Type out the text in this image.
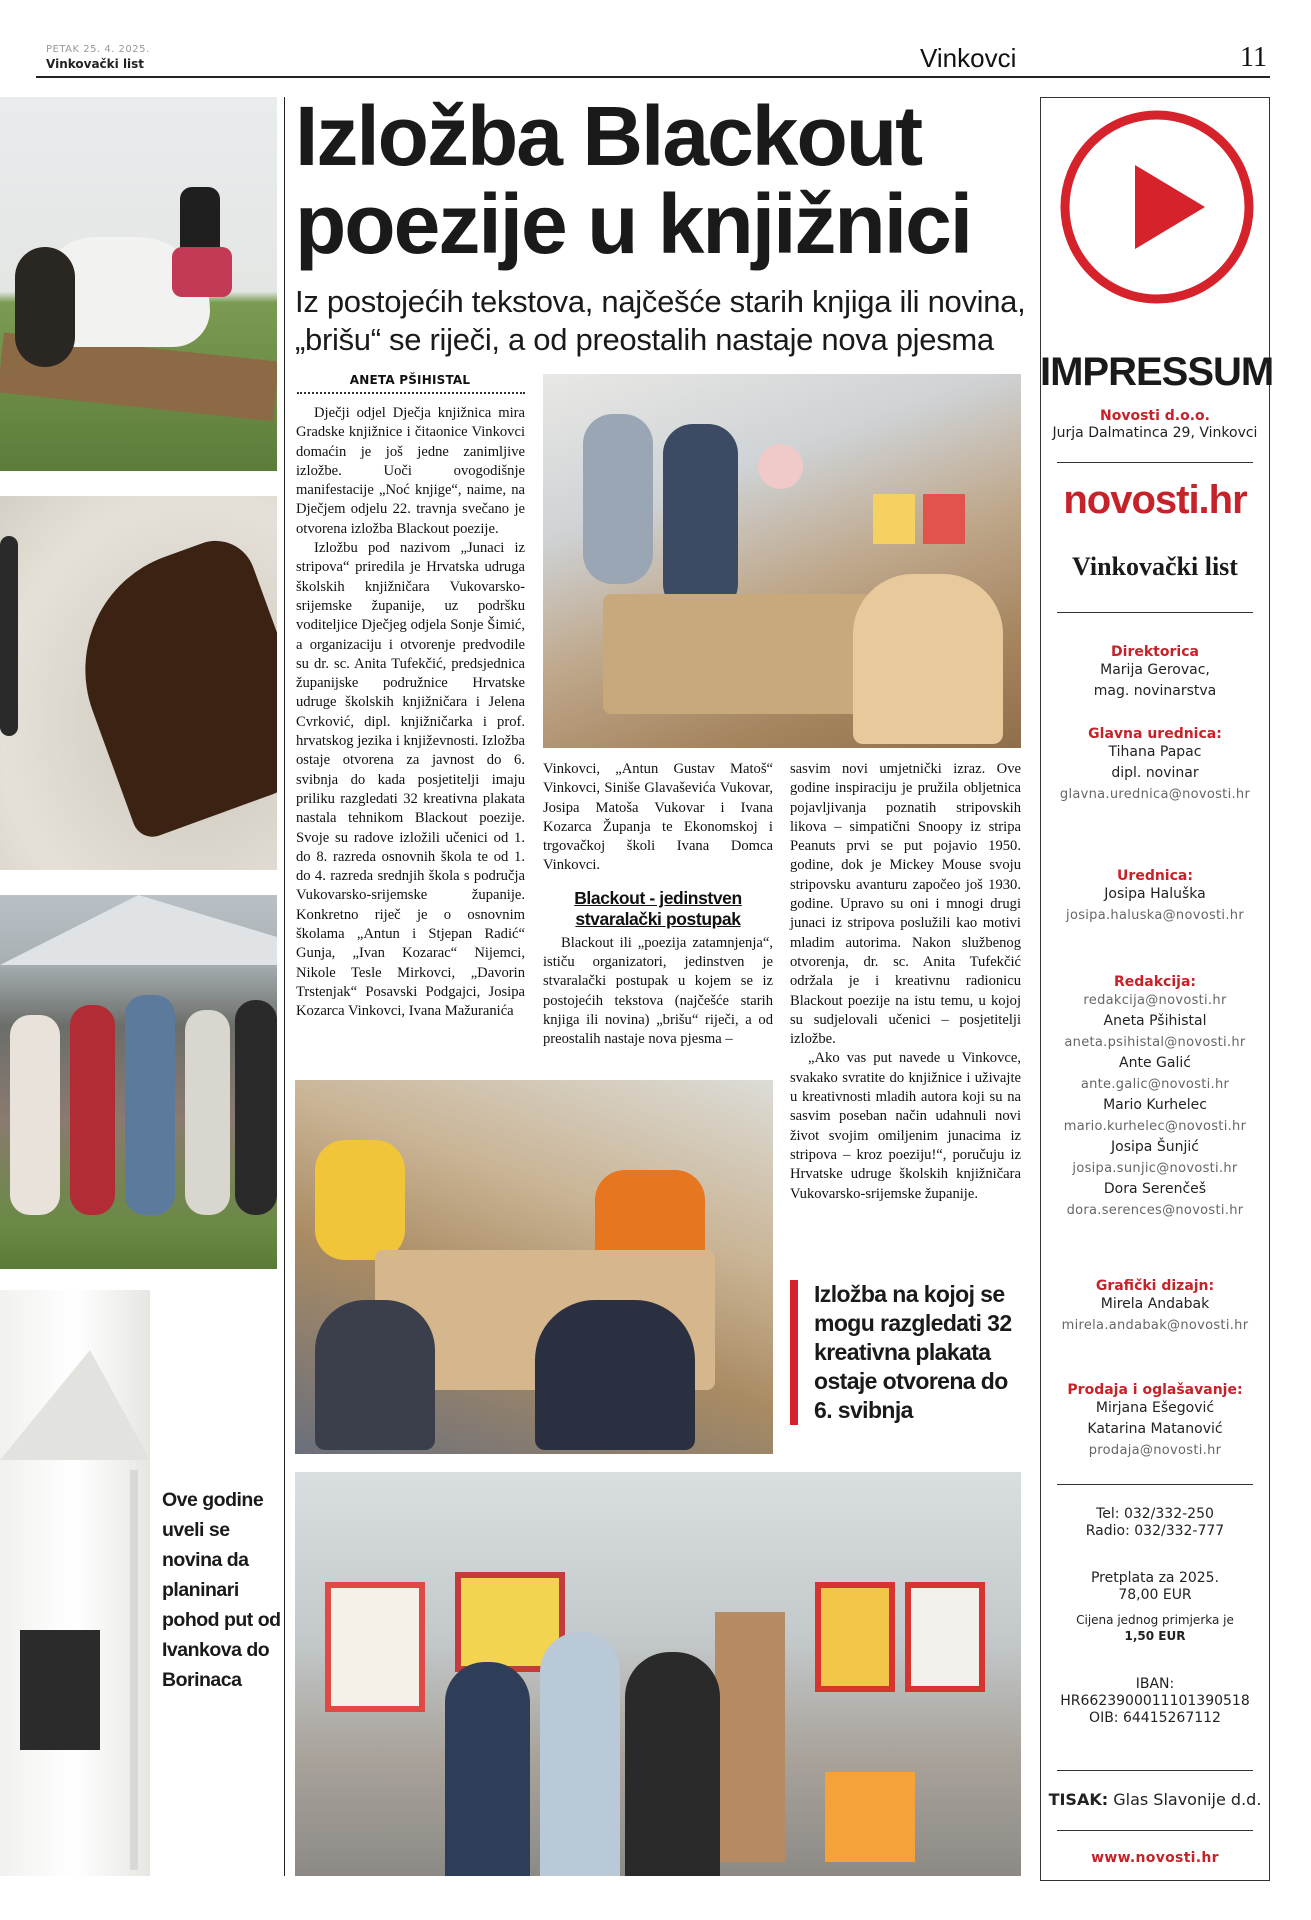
PETAK 25. 4. 2025.
Vinkovački list	Vinkovci	11
Ove godine uveli se novina da planinari pohod put od Ivankova do Borinaca
Izložba Blackout
poezije u knjižnici
Iz postojećih tekstova, najčešće starih knjiga ili novina, „brišu“ se riječi, a od preostalih nastaje nova pjesma
ANETA PŠIHISTAL

Dječji odjel Dječja knjižnica mira Gradske knjižnice i čitaonice Vinkovci domaćin je još jedne zanimljive izložbe. Uoči ovogodišnje manifestacije „Noć knjige“, naime, na Dječjem odjelu 22. travnja svečano je otvorena izložba Blackout poezije.

Izložbu pod nazivom „Junaci iz stripova“ priredila je Hrvatska udruga školskih knjižničara Vukovarsko-srijemske županije, uz podršku voditeljice Dječjeg odjela Sonje Šimić, a organizaciju i otvorenje predvodile su dr. sc. Anita Tufekčić, predsjednica županijske podružnice Hrvatske udruge školskih knjižničara i Jelena Cvrković, dipl. knjižničarka i prof. hrvatskog jezika i književnosti. Izložba ostaje otvorena za javnost do 6. svibnja do kada posjetitelji imaju priliku razgledati 32 kreativna plakata nastala tehnikom Blackout poezije. Svoje su radove izložili učenici od 1. do 8. razreda osnovnih škola te od 1. do 4. razreda srednjih škola s područja Vukovarsko-srijemske županije. Konkretno riječ je o osnovnim školama „Antun i Stjepan Radić“ Gunja, „Ivan Kozarac“ Nijemci, Nikole Tesle Mirkovci, „Davorin Trstenjak“ Posavski Podgajci, Josipa Kozarca Vinkovci, Ivana Mažuranića

Vinkovci, „Antun Gustav Matoš“ Vinkovci, Siniše Glavaševića Vukovar, Josipa Matoša Vukovar i Ivana Kozarca Županja te Ekonomskoj i trgovačkoj školi Ivana Domca Vinkovci.

Blackout - jedinstven stvaralački postupak

Blackout ili „poezija zatamnjenja“, ističu organizatori, jedinstven je stvaralački postupak u kojem se iz postojećih tekstova (najčešće starih knjiga ili novina) „brišu“ riječi, a od preostalih nastaje nova pjesma –

sasvim novi umjetnički izraz. Ove godine inspiraciju je pružila obljetnica pojavljivanja poznatih stripovskih likova – simpatični Snoopy iz stripa Peanuts prvi se put pojavio 1950. godine, dok je Mickey Mouse svoju stripovsku avanturu započeo još 1930. godine. Upravo su oni i mnogi drugi junaci iz stripova poslužili kao motivi mladim autorima. Nakon službenog otvorenja, dr. sc. Anita Tufekčić održala je i kreativnu radionicu Blackout poezije na istu temu, u kojoj su sudjelovali učenici – posjetitelji izložbe.

„Ako vas put navede u Vinkovce, svakako svratite do knjižnice i uživajte u kreativnosti mladih autora koji su na sasvim poseban način udahnuli novi život svojim omiljenim junacima iz stripova – kroz poeziju!“, poručuju iz Hrvatske udruge školskih knjižničara Vukovarsko-srijemske županije.

Izložba na kojoj se mogu razgledati 32 kreativna plakata ostaje otvorena do 6. svibnja
IMPRESSUM
Novosti d.o.o.
Jurja Dalmatinca 29, Vinkovci
novosti.hr
Vinkovački list
Direktorica
Marija Gerovac,
mag. novinarstva
Glavna urednica:
Tihana Papac
dipl. novinar
glavna.urednica@novosti.hr
Urednica:
Josipa Haluška
josipa.haluska@novosti.hr
Redakcija:
redakcija@novosti.hr
Aneta Pšihistal
aneta.psihistal@novosti.hr
Ante Galić
ante.galic@novosti.hr
Mario Kurhelec
mario.kurhelec@novosti.hr
Josipa Šunjić
josipa.sunjic@novosti.hr
Dora Serenčeš
dora.serences@novosti.hr
Grafički dizajn:
Mirela Andabak
mirela.andabak@novosti.hr
Prodaja i oglašavanje:
Mirjana Ešegović
Katarina Matanović
prodaja@novosti.hr
Tel: 032/332-250
Radio: 032/332-777
Pretplata za 2025.
78,00 EUR
Cijena jednog primjerka je
1,50 EUR
IBAN:
HR6623900011101390518
OIB: 64415267112
TISAK: Glas Slavonije d.d.
www.novosti.hr
